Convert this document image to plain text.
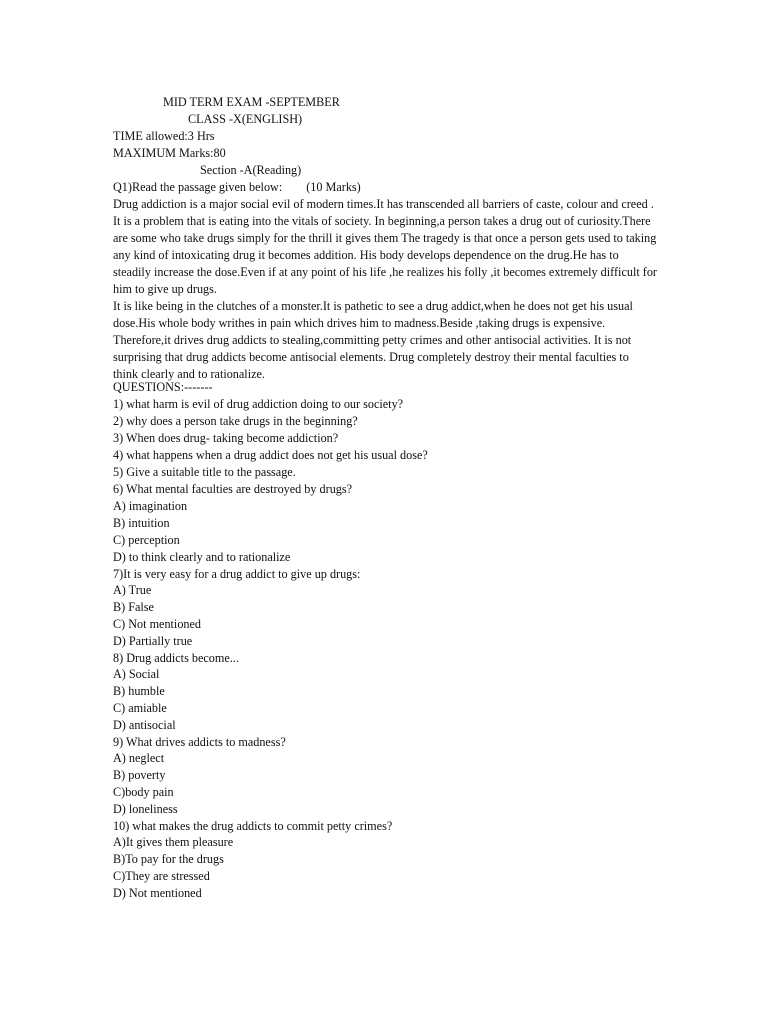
MID TERM EXAM -SEPTEMBER
CLASS -X(ENGLISH)
TIME allowed:3 Hrs
MAXIMUM Marks:80
Section -A(Reading)
Q1)Read the passage given below: (10 Marks)
Drug addiction is a major social evil of modern times.It has transcended all barriers of caste, colour and creed .
It is a problem that is eating into the vitals of society. In beginning,a person takes a drug out of curiosity.There
are some who take drugs simply for the thrill it gives them The tragedy is that once a person gets used to taking
any kind of intoxicating drug it becomes addition. His body develops dependence on the drug.He has to
steadily increase the dose.Even if at any point of his life ,he realizes his folly ,it becomes extremely difficult for
him to give up drugs.
It is like being in the clutches of a monster.It is pathetic to see a drug addict,when he does not get his usual
dose.His whole body writhes in pain which drives him to madness.Beside ,taking drugs is expensive.
Therefore,it drives drug addicts to stealing,committing petty crimes and other antisocial activities. It is not
surprising that drug addicts become antisocial elements. Drug completely destroy their mental faculties to
think clearly and to rationalize.
QUESTIONS:-------
1) what harm is evil of drug addiction doing to our society?
2) why does a person take drugs in the beginning?
3) When does drug- taking become addiction?
4) what happens when a drug addict does not get his usual dose?
5) Give a suitable title to the passage.
6) What mental faculties are destroyed by drugs?
A) imagination
B) intuition
C) perception
D) to think clearly and to rationalize
7)It is very easy for a drug addict to give up drugs:
A) True
B) False
C) Not mentioned
D) Partially true
8) Drug addicts become...
A) Social
B) humble
C) amiable
D) antisocial
9) What drives addicts to madness?
A) neglect
B) poverty
C)body pain
D) loneliness
10) what makes the drug addicts to commit petty crimes?
A)It gives them pleasure
B)To pay for the drugs
C)They are stressed
D) Not mentioned
